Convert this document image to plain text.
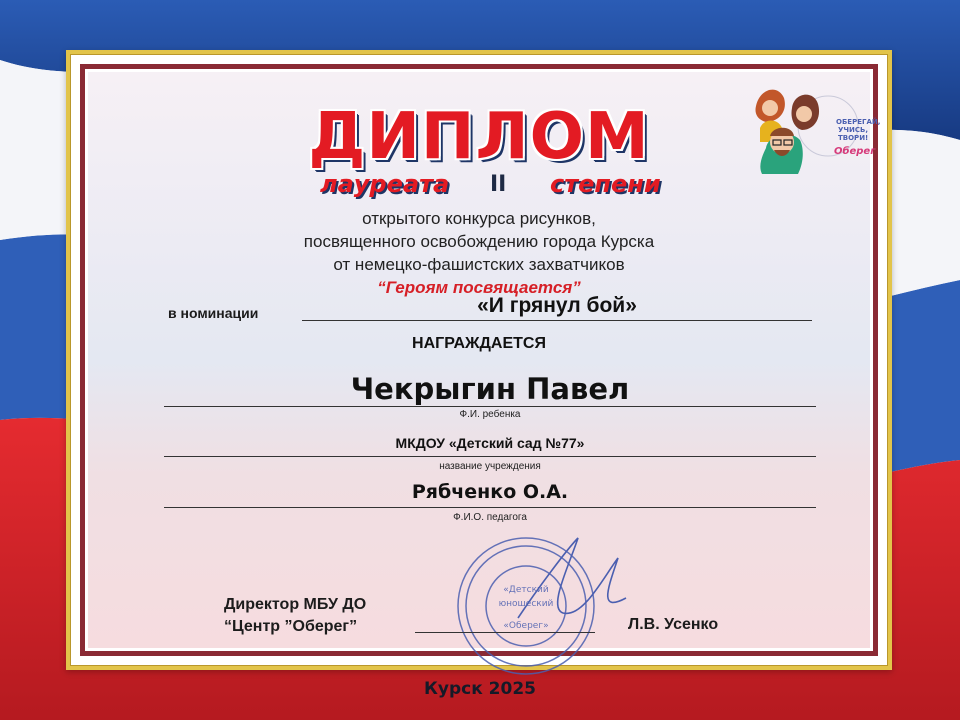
ДИПЛОМ
лауреата II степени
открытого конкурса рисунков,
посвященного освобождению города Курска
от немецко-фашистских захватчиков
“Героям посвящается”
в номинации	«И грянул бой»
НАГРАЖДАЕТСЯ
Чекрыгин Павел
Ф.И. ребенка
МКДОУ «Детский сад №77»
название учреждения
Рябченко О.А.
Ф.И.О. педагога
«Детский
юношеский
«Оберег»
Директор МБУ ДО
“Центр ”Оберег”	Л.В. Усенко
ОБЕРЕГАЙ,
УЧИСЬ,
ТВОРИ!
Оберег
Курск 2025
